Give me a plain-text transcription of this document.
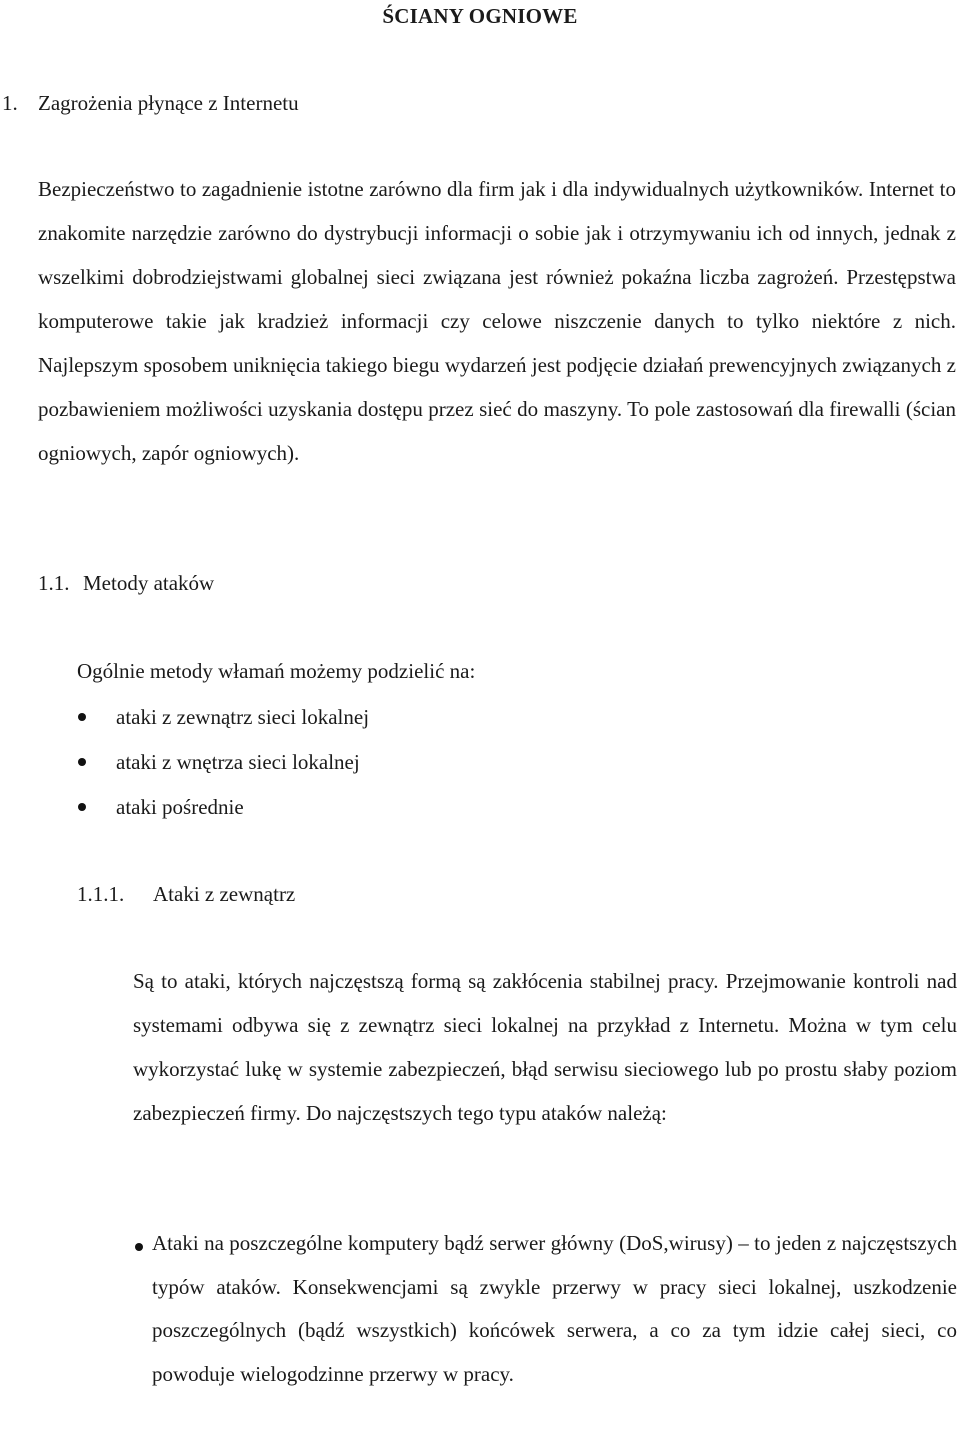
ŚCIANY OGNIOWE
1. Zagrożenia płynące z Internetu
Bezpieczeństwo to zagadnienie istotne zarówno dla firm jak i dla indywidualnych użytkowników. Internet to znakomite narzędzie zarówno do dystrybucji informacji o sobie jak i otrzymywaniu ich od innych, jednak z wszelkimi dobrodziejstwami globalnej sieci związana jest również pokaźna liczba zagrożeń. Przestępstwa komputerowe takie jak kradzież informacji czy celowe niszczenie danych to tylko niektóre z nich. Najlepszym sposobem uniknięcia takiego biegu wydarzeń jest podjęcie działań prewencyjnych związanych z pozbawieniem możliwości uzyskania dostępu przez sieć do maszyny. To pole zastosowań dla firewalli (ścian ogniowych, zapór ogniowych).
1.1. Metody ataków
Ogólnie metody włamań możemy podzielić na:
ataki z zewnątrz sieci lokalnej
ataki z wnętrza sieci lokalnej
ataki pośrednie
1.1.1. Ataki z zewnątrz
Są to ataki, których najczęstszą formą są zakłócenia stabilnej pracy. Przejmowanie kontroli nad systemami odbywa się z zewnątrz sieci lokalnej na przykład z Internetu. Można w tym celu wykorzystać lukę w systemie zabezpieczeń, błąd serwisu sieciowego lub po prostu słaby poziom zabezpieczeń firmy. Do najczęstszych tego typu ataków należą:
Ataki na poszczególne komputery bądź serwer główny (DoS,wirusy) – to jeden z najczęstszych typów ataków. Konsekwencjami są zwykle przerwy w pracy sieci lokalnej, uszkodzenie poszczególnych (bądź wszystkich) końcówek serwera, a co za tym idzie całej sieci, co powoduje wielogodzinne przerwy w pracy.
